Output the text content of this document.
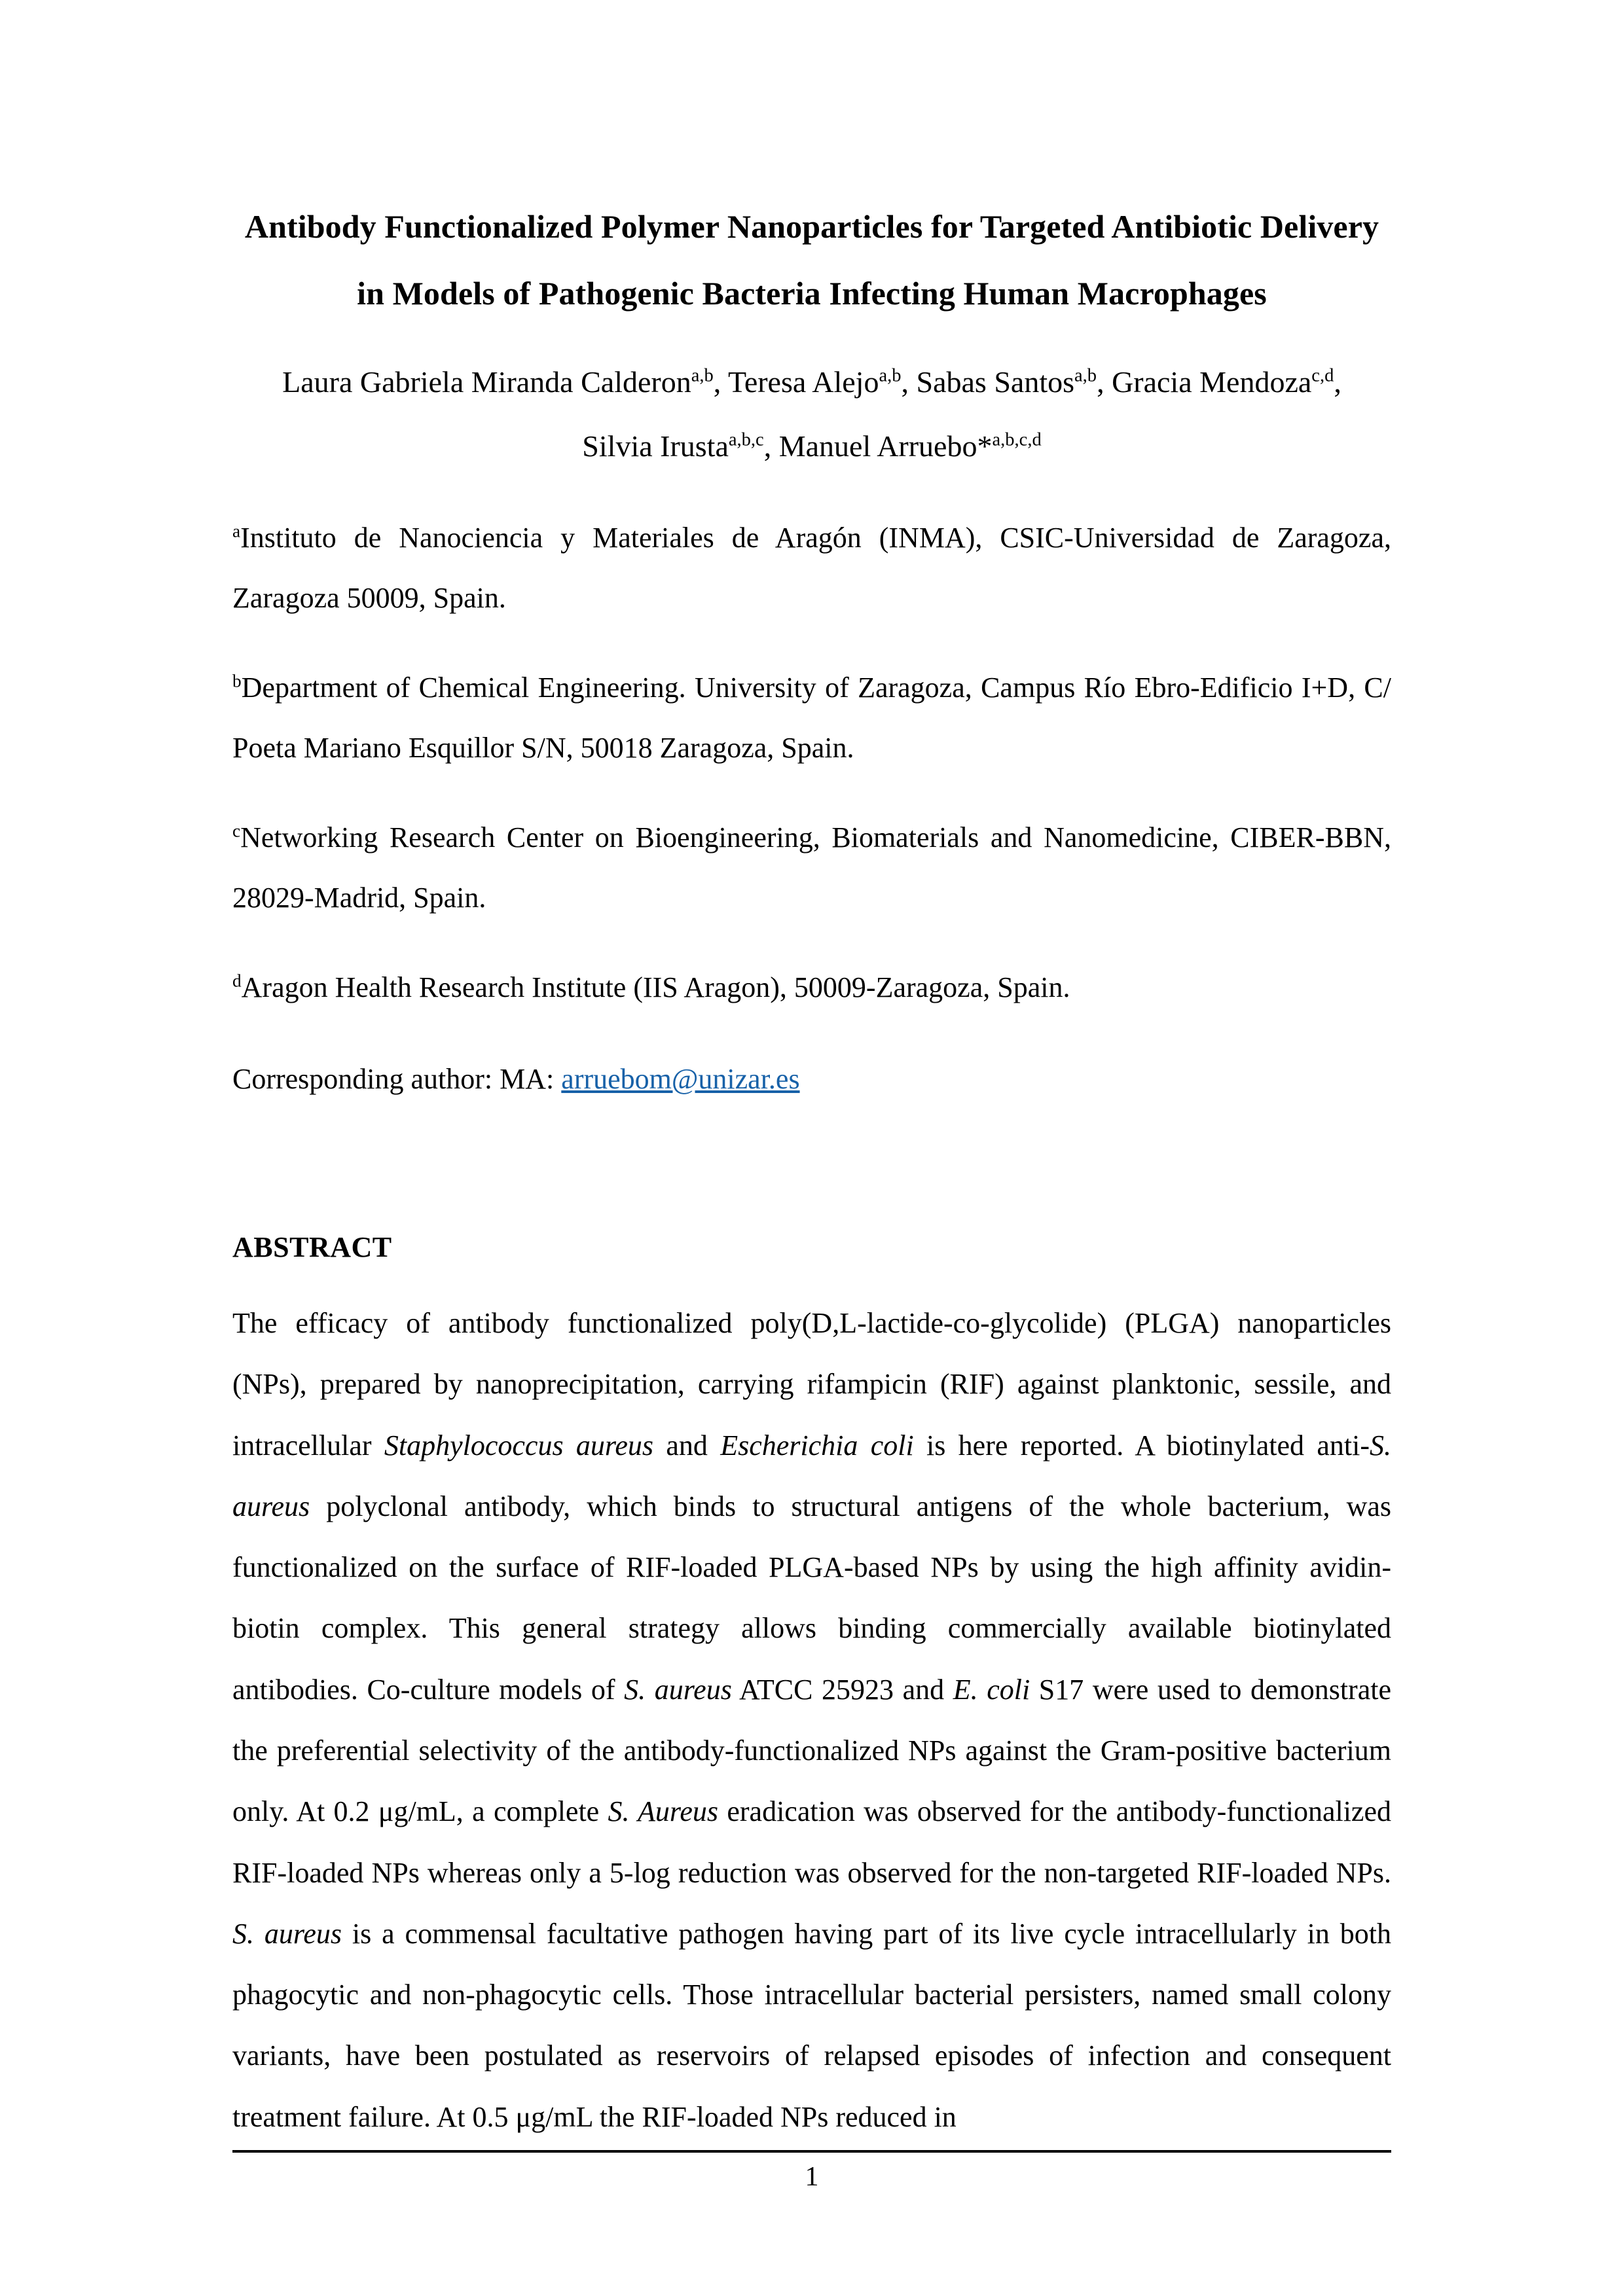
Antibody Functionalized Polymer Nanoparticles for Targeted Antibiotic Delivery in Models of Pathogenic Bacteria Infecting Human Macrophages
Laura Gabriela Miranda Calderon$^{a,b}$, Teresa Alejo$^{a,b}$, Sabas Santos$^{a,b}$, Gracia Mendoza$^{c,d}$, Silvia Irusta$^{a,b,c}$, Manuel Arruebo*$^{a,b,c,d}$
$^a$Instituto de Nanociencia y Materiales de Aragón (INMA), CSIC-Universidad de Zaragoza, Zaragoza 50009, Spain.
$^b$Department of Chemical Engineering. University of Zaragoza, Campus Río Ebro-Edificio I+D, C/ Poeta Mariano Esquillor S/N, 50018 Zaragoza, Spain.
$^c$Networking Research Center on Bioengineering, Biomaterials and Nanomedicine, CIBER-BBN, 28029-Madrid, Spain.
$^d$Aragon Health Research Institute (IIS Aragon), 50009-Zaragoza, Spain.
Corresponding author: MA: arruebom@unizar.es
ABSTRACT
The efficacy of antibody functionalized poly(D,L-lactide-co-glycolide) (PLGA) nanoparticles (NPs), prepared by nanoprecipitation, carrying rifampicin (RIF) against planktonic, sessile, and intracellular Staphylococcus aureus and Escherichia coli is here reported. A biotinylated anti-S. aureus polyclonal antibody, which binds to structural antigens of the whole bacterium, was functionalized on the surface of RIF-loaded PLGA-based NPs by using the high affinity avidin-biotin complex. This general strategy allows binding commercially available biotinylated antibodies. Co-culture models of S. aureus ATCC 25923 and E. coli S17 were used to demonstrate the preferential selectivity of the antibody-functionalized NPs against the Gram-positive bacterium only. At 0.2 μg/mL, a complete S. Aureus eradication was observed for the antibody-functionalized RIF-loaded NPs whereas only a 5-log reduction was observed for the non-targeted RIF-loaded NPs. S. aureus is a commensal facultative pathogen having part of its live cycle intracellularly in both phagocytic and non-phagocytic cells. Those intracellular bacterial persisters, named small colony variants, have been postulated as reservoirs of relapsed episodes of infection and consequent treatment failure. At 0.5 μg/mL the RIF-loaded NPs reduced in
1
